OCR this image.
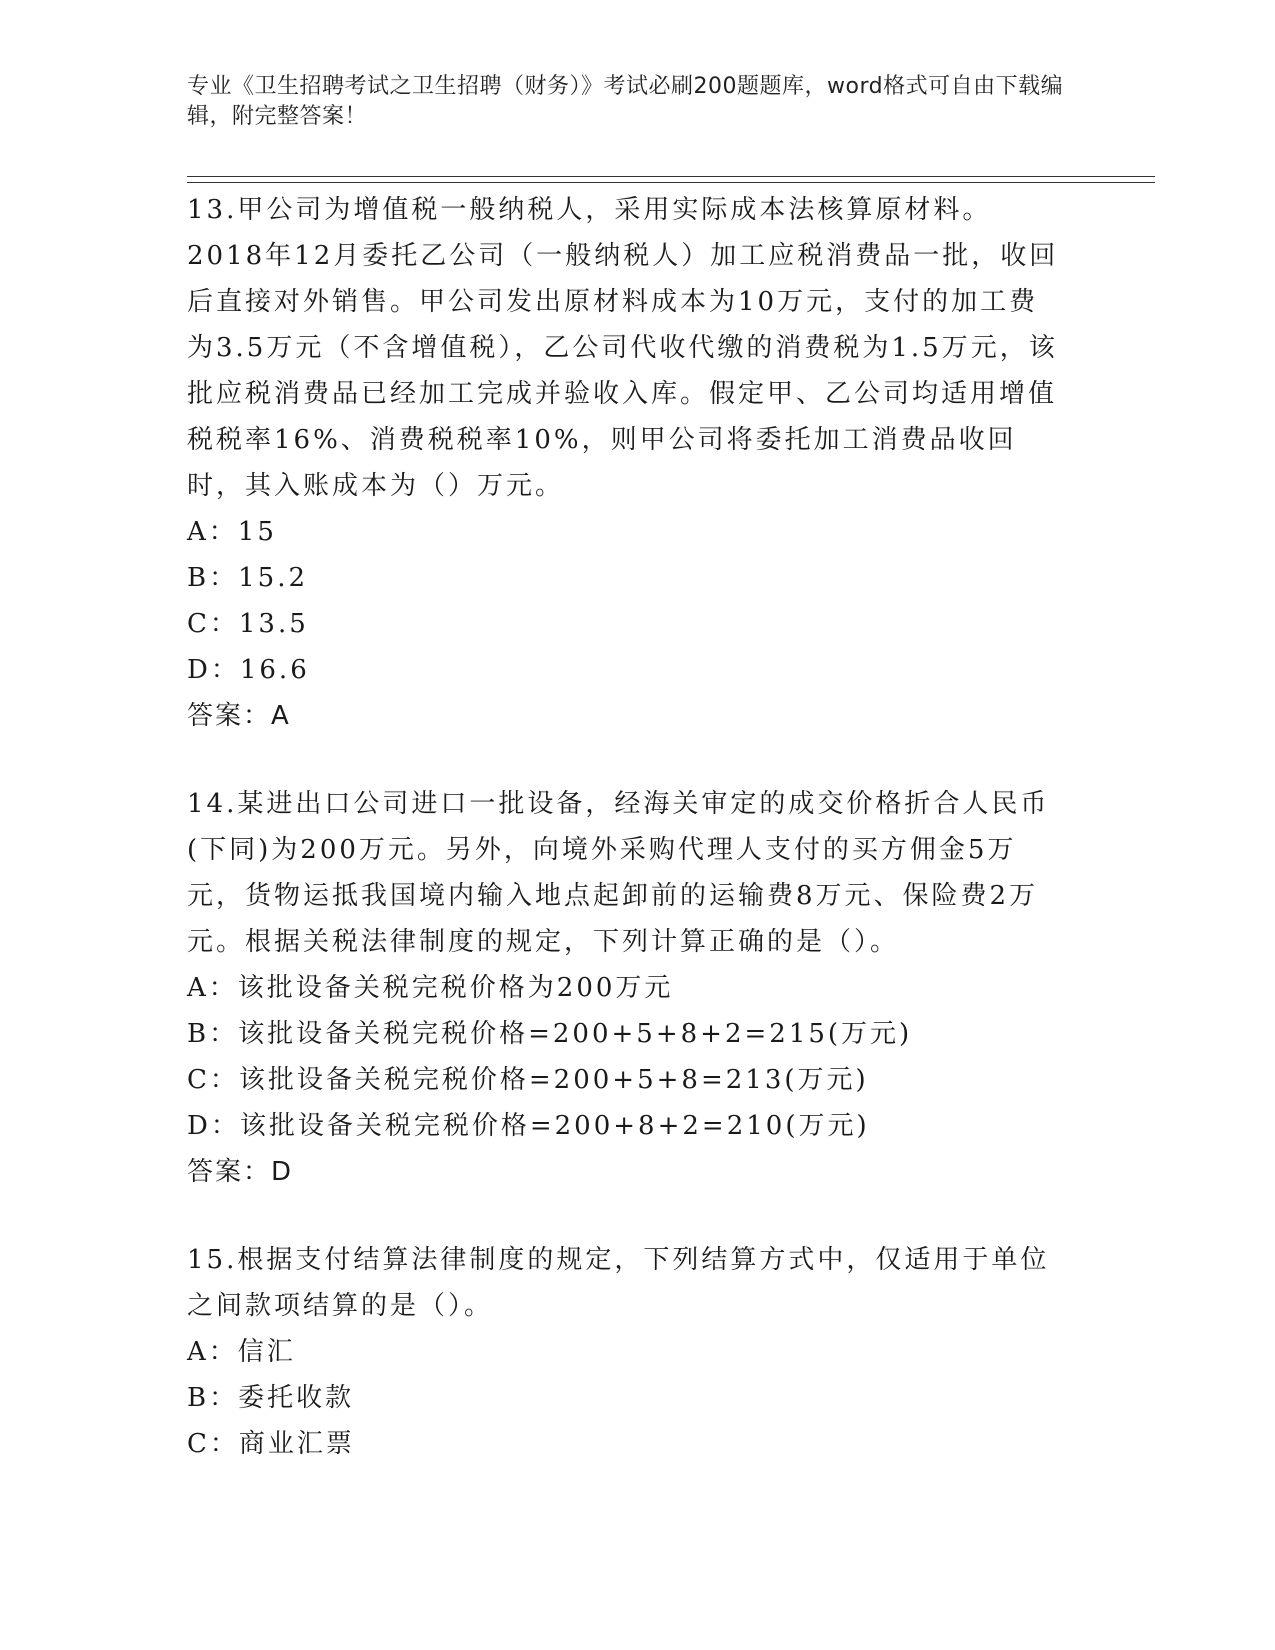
专业《卫生招聘考试之卫生招聘（财务）》考试必刷200题题库，word格式可自由下载编辑，附完整答案！

13.甲公司为增值税一般纳税人，采用实际成本法核算原材料。2018年12月委托乙公司（一般纳税人）加工应税消费品一批，收回后直接对外销售。甲公司发出原材料成本为10万元，支付的加工费为3.5万元（不含增值税），乙公司代收代缴的消费税为1.5万元，该批应税消费品已经加工完成并验收入库。假定甲、乙公司均适用增值税税率16%、消费税税率10%，则甲公司将委托加工消费品收回时，其入账成本为（）万元。

A：15

B：15.2

C：13.5

D：16.6

答案：A

14.某进出口公司进口一批设备，经海关审定的成交价格折合人民币(下同)为200万元。另外，向境外采购代理人支付的买方佣金5万元，货物运抵我国境内输入地点起卸前的运输费8万元、保险费2万元。根据关税法律制度的规定，下列计算正确的是（）。

A：该批设备关税完税价格为200万元

B：该批设备关税完税价格=200+5+8+2=215(万元)

C：该批设备关税完税价格=200+5+8=213(万元)

D：该批设备关税完税价格=200+8+2=210(万元)

答案：D

15.根据支付结算法律制度的规定，下列结算方式中，仅适用于单位之间款项结算的是（）。

A：信汇

B：委托收款

C：商业汇票
